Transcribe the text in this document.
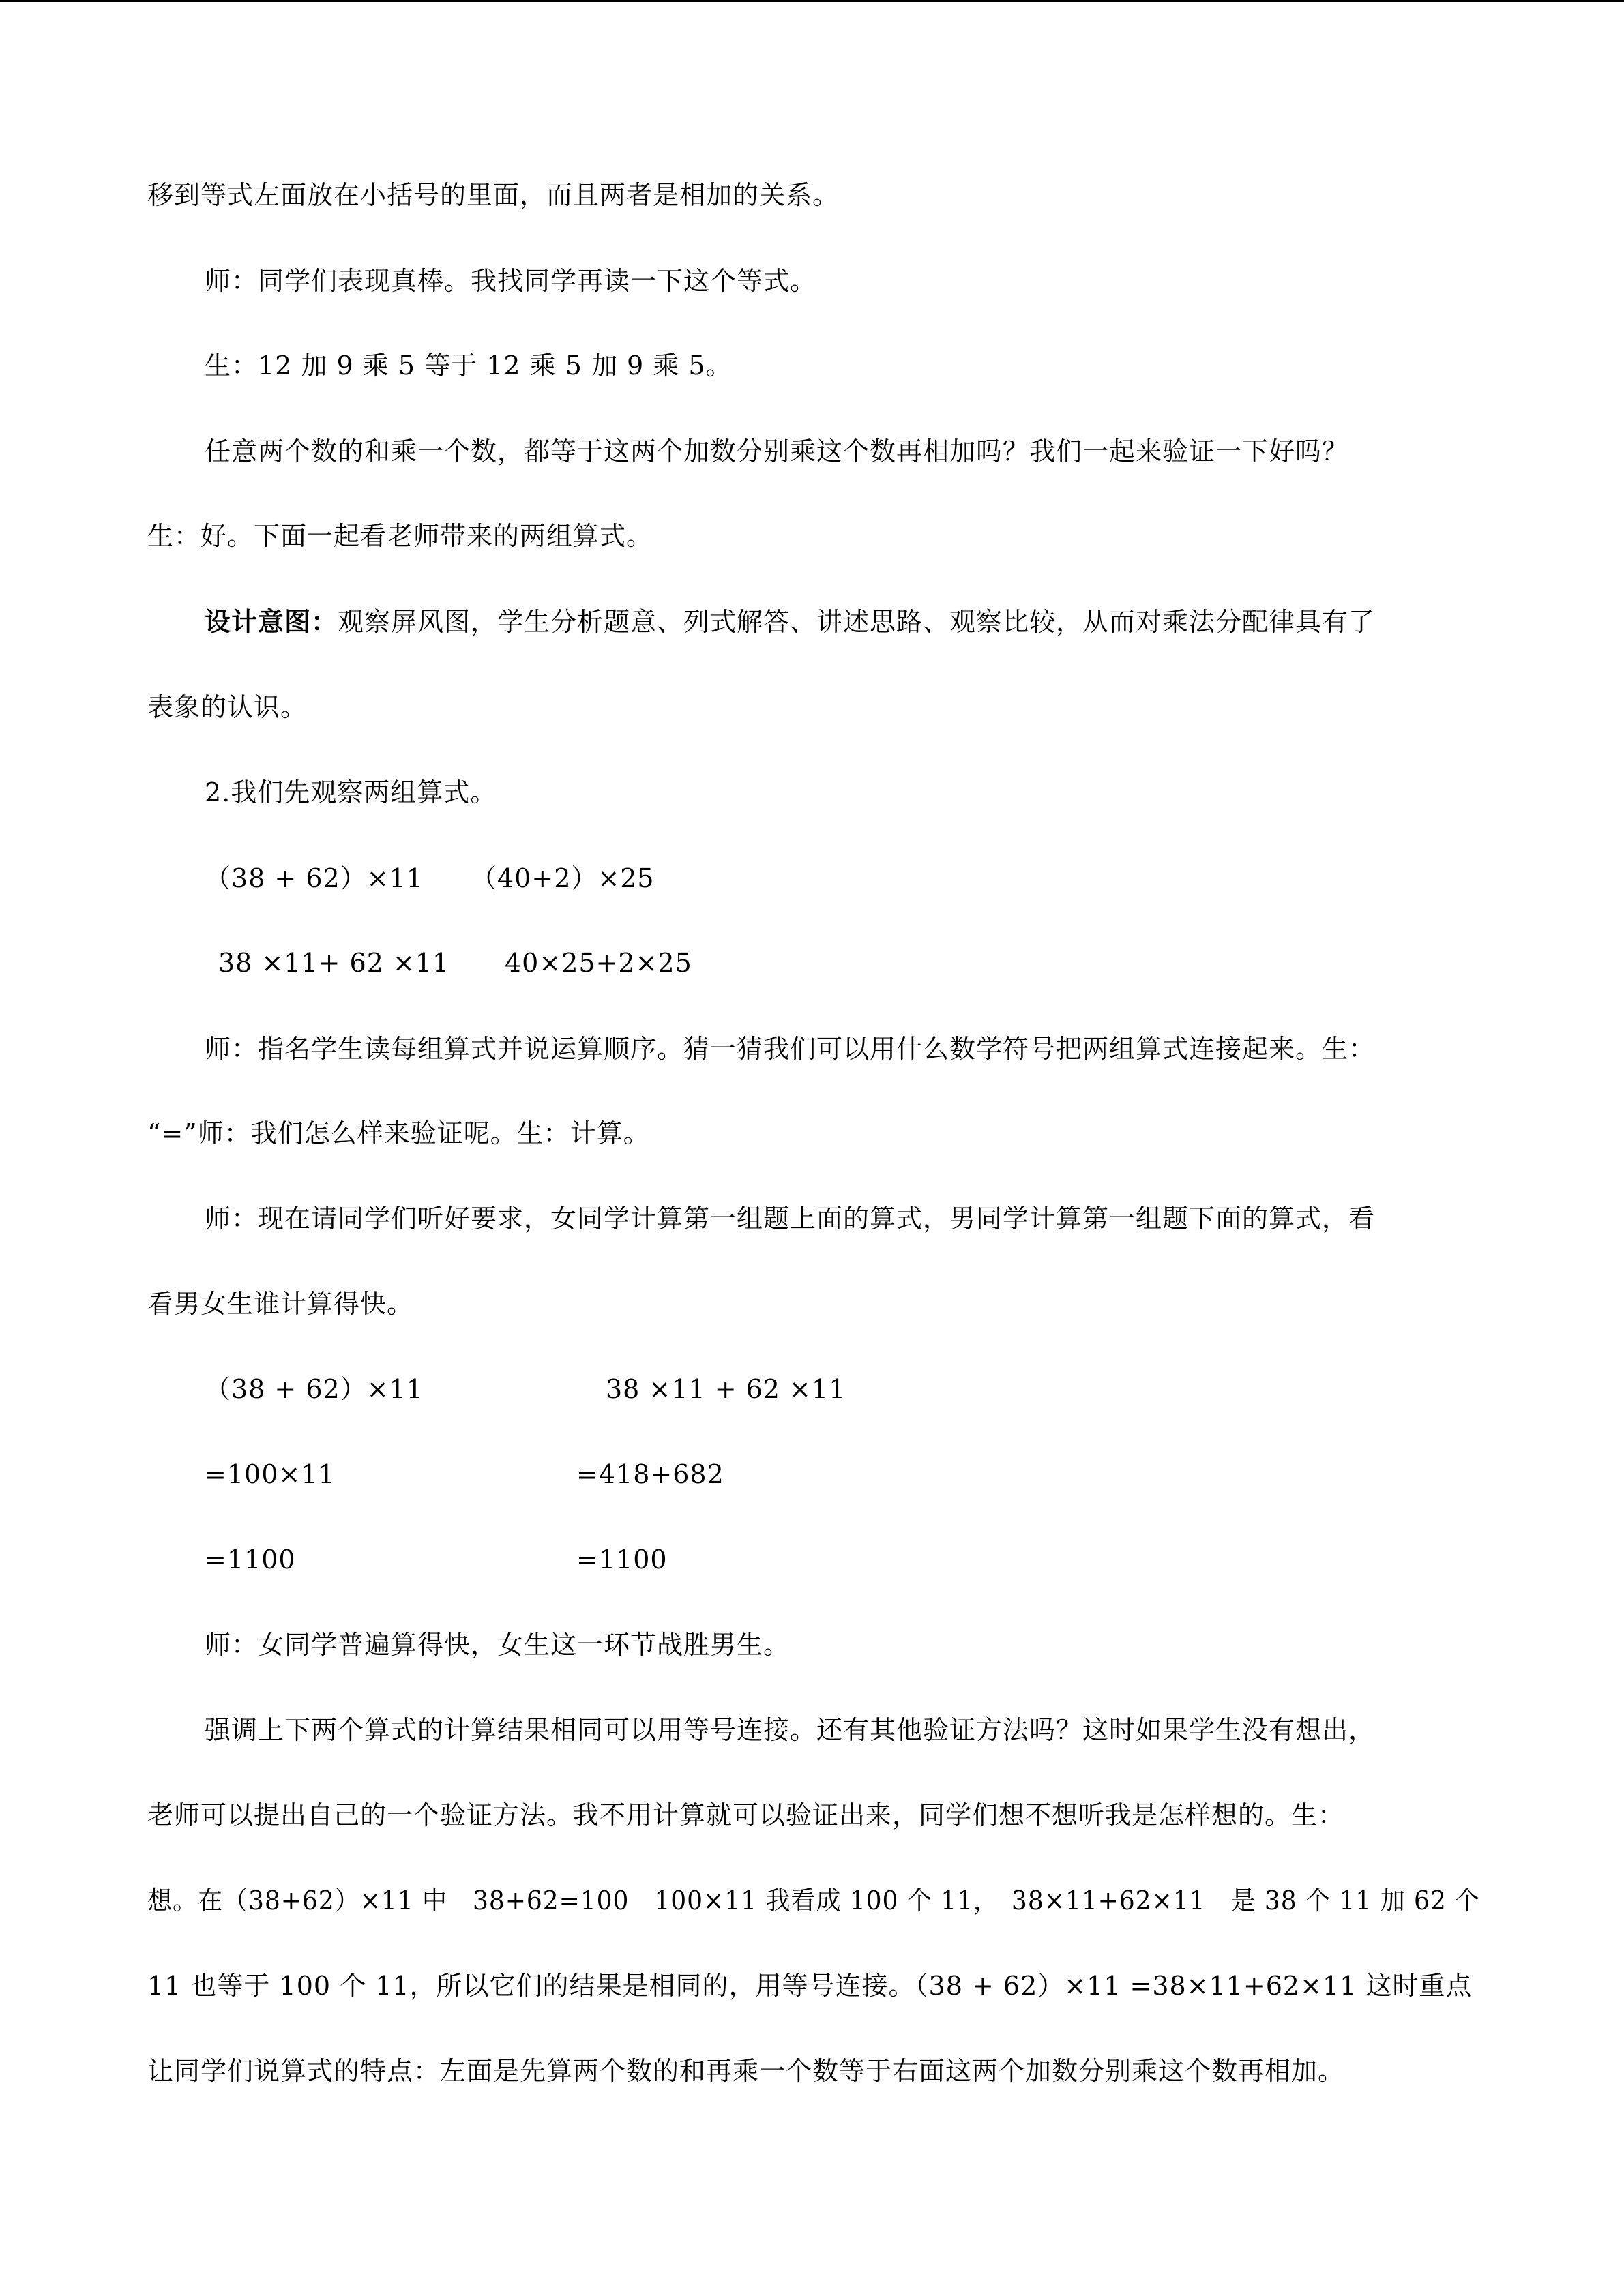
移到等式左面放在小括号的里面，而且两者是相加的关系。

师：同学们表现真棒。我找同学再读一下这个等式。

生：12 加 9 乘 5 等于 12 乘 5 加 9 乘 5。

任意两个数的和乘一个数，都等于这两个加数分别乘这个数再相加吗？我们一起来验证一下好吗？

生：好。下面一起看老师带来的两组算式。

设计意图：观察屏风图，学生分析题意、列式解答、讲述思路、观察比较，从而对乘法分配律具有了

表象的认识。

2.我们先观察两组算式。

（38 + 62）×11 （40+2）×25

38 ×11+ 62 ×11 40×25+2×25

师：指名学生读每组算式并说运算顺序。猜一猜我们可以用什么数学符号把两组算式连接起来。生：

“=”师：我们怎么样来验证呢。生：计算。

师：现在请同学们听好要求，女同学计算第一组题上面的算式，男同学计算第一组题下面的算式，看

看男女生谁计算得快。

（38 + 62）×11	38 ×11 + 62 ×11

=100×11	=418+682

=1100	=1100

师：女同学普遍算得快，女生这一环节战胜男生。

强调上下两个算式的计算结果相同可以用等号连接。还有其他验证方法吗？这时如果学生没有想出，

老师可以提出自己的一个验证方法。我不用计算就可以验证出来，同学们想不想听我是怎样想的。生：

想。在（38+62）×11 中　38+62=100　100×11 我看成 100 个 11，　38×11+62×11　是 38 个 11 加 62 个

11 也等于 100 个 11，所以它们的结果是相同的，用等号连接。（38 + 62）×11 =38×11+62×11 这时重点

让同学们说算式的特点：左面是先算两个数的和再乘一个数等于右面这两个加数分别乘这个数再相加。
